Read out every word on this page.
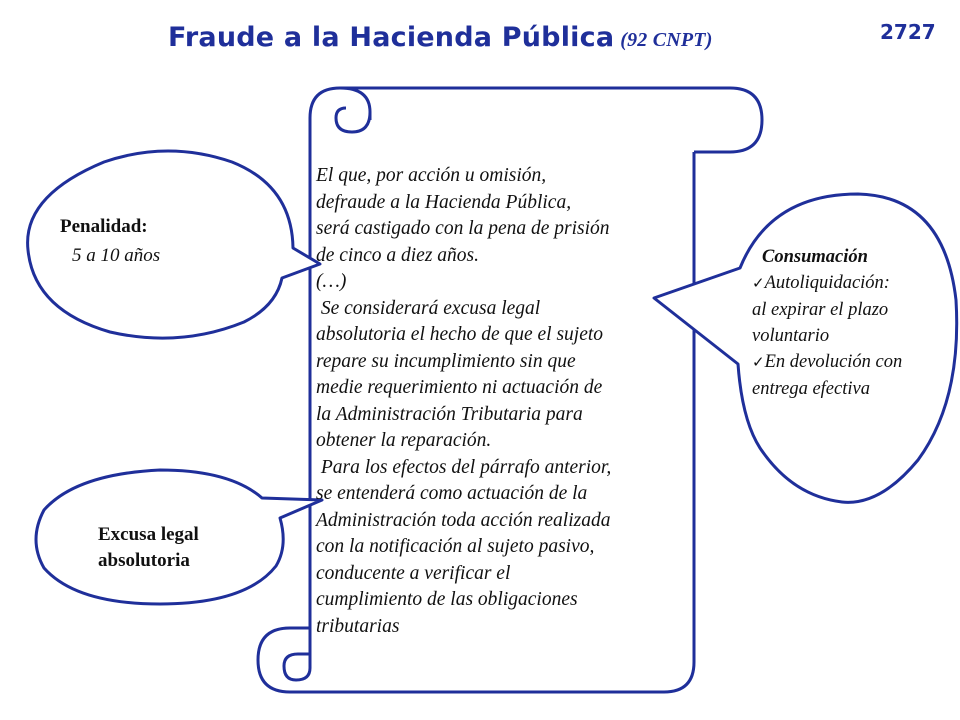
Fraude a la Hacienda Pública (92 CNPT)	2727
El que, por acción u omisión,
defraude a la Hacienda Pública,
será castigado con la pena de prisión
de cinco a diez años.
(…)
Se considerará excusa legal
absolutoria el hecho de que el sujeto
repare su incumplimiento sin que
medie requerimiento ni actuación de
la Administración Tributaria para
obtener la reparación.
Para los efectos del párrafo anterior,
se entenderá como actuación de la
Administración toda acción realizada
con la notificación al sujeto pasivo,
conducente a verificar el
cumplimiento de las obligaciones
tributarias
Penalidad:
5 a 10 años
Excusa legal
absolutoria
Consumación
✓Autoliquidación:
al expirar el plazo voluntario
✓En devolución con entrega efectiva
